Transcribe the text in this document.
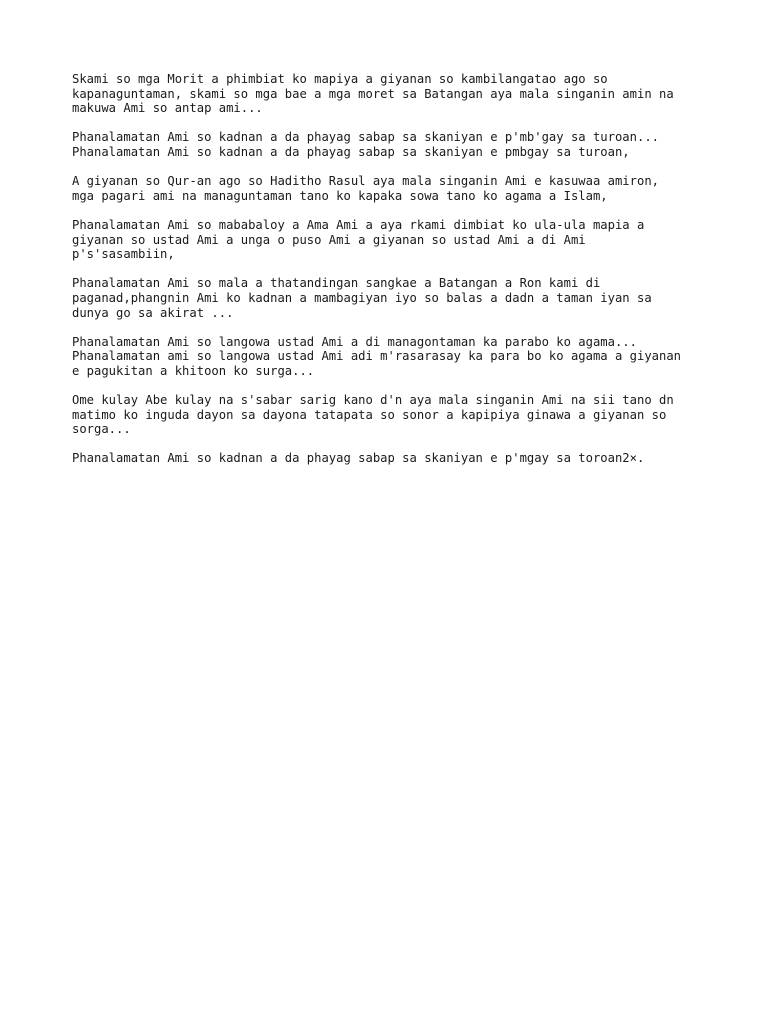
Skami so mga Morit a phimbiat ko mapiya a giyanan so kambilangatao ago so
kapanaguntaman, skami so mga bae a mga moret sa Batangan aya mala singanin amin na
makuwa Ami so antap ami...

Phanalamatan Ami so kadnan a da phayag sabap sa skaniyan e p'mb'gay sa turoan...
Phanalamatan Ami so kadnan a da phayag sabap sa skaniyan e pmbgay sa turoan,

A giyanan so Qur-an ago so Haditho Rasul aya mala singanin Ami e kasuwaa amiron,
mga pagari ami na managuntaman tano ko kapaka sowa tano ko agama a Islam,

Phanalamatan Ami so mababaloy a Ama Ami a aya rkami dimbiat ko ula-ula mapia a
giyanan so ustad Ami a unga o puso Ami a giyanan so ustad Ami a di Ami
p's'sasambiin,

Phanalamatan Ami so mala a thatandingan sangkae a Batangan a Ron kami di
paganad,phangnin Ami ko kadnan a mambagiyan iyo so balas a dadn a taman iyan sa
dunya go sa akirat ...

Phanalamatan Ami so langowa ustad Ami a di managontaman ka parabo ko agama...
Phanalamatan ami so langowa ustad Ami adi m'rasarasay ka para bo ko agama a giyanan
e pagukitan a khitoon ko surga...

Ome kulay Abe kulay na s'sabar sarig kano d'n aya mala singanin Ami na sii tano dn
matimo ko inguda dayon sa dayona tatapata so sonor a kapipiya ginawa a giyanan so
sorga...

Phanalamatan Ami so kadnan a da phayag sabap sa skaniyan e p'mgay sa toroan2×.
